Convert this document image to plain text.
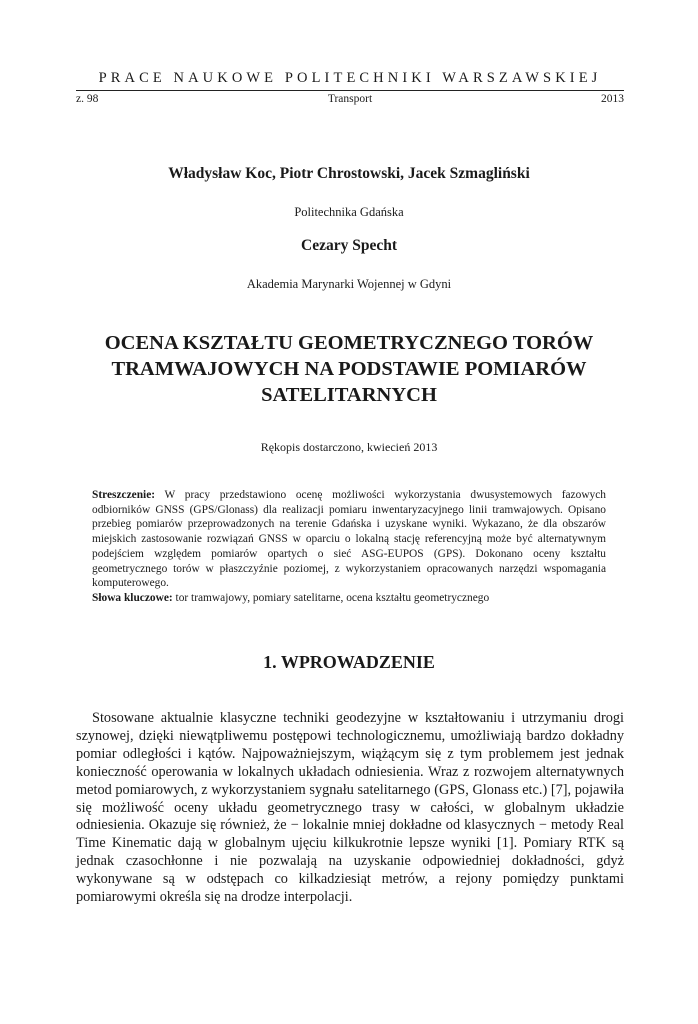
PRACE NAUKOWE POLITECHNIKI WARSZAWSKIEJ
Transport
z. 98	2013
Władysław Koc, Piotr Chrostowski, Jacek Szmagliński
Politechnika Gdańska
Cezary Specht
Akademia Marynarki Wojennej w Gdyni
OCENA KSZTAŁTU GEOMETRYCZNEGO TORÓW
TRAMWAJOWYCH NA PODSTAWIE POMIARÓW
SATELITARNYCH
Rękopis dostarczono, kwiecień 2013

Streszczenie: W pracy przedstawiono ocenę możliwości wykorzystania dwusystemowych fazowych odbiorników GNSS (GPS/Glonass) dla realizacji pomiaru inwentaryzacyjnego linii tramwajowych. Opisano przebieg pomiarów przeprowadzonych na terenie Gdańska i uzyskane wyniki. Wykazano, że dla obszarów miejskich zastosowanie rozwiązań GNSS w oparciu o lokalną stację referencyjną może być alternatywnym podejściem względem pomiarów opartych o sieć ASG-EUPOS (GPS). Dokonano oceny kształtu geometrycznego torów w płaszczyźnie poziomej, z wykorzystaniem opracowanych narzędzi wspomagania komputerowego.

Słowa kluczowe: tor tramwajowy, pomiary satelitarne, ocena kształtu geometrycznego

1. WPROWADZENIE

Stosowane aktualnie klasyczne techniki geodezyjne w kształtowaniu i utrzymaniu drogi szynowej, dzięki niewątpliwemu postępowi technologicznemu, umożliwiają bardzo dokładny pomiar odległości i kątów. Najpoważniejszym, wiążącym się z tym problemem jest jednak konieczność operowania w lokalnych układach odniesienia. Wraz z rozwojem alternatywnych metod pomiarowych, z wykorzystaniem sygnału satelitarnego (GPS, Glonass etc.) [7], pojawiła się możliwość oceny układu geometrycznego trasy w całości, w globalnym układzie odniesienia. Okazuje się również, że − lokalnie mniej dokładne od klasycznych − metody Real Time Kinematic dają w globalnym ujęciu kilkukrotnie lepsze wyniki [1]. Pomiary RTK są jednak czasochłonne i nie pozwalają na uzyskanie odpowiedniej dokładności, gdyż wykonywane są w odstępach co kilkadziesiąt metrów, a rejony pomiędzy punktami pomiarowymi określa się na drodze interpolacji.
